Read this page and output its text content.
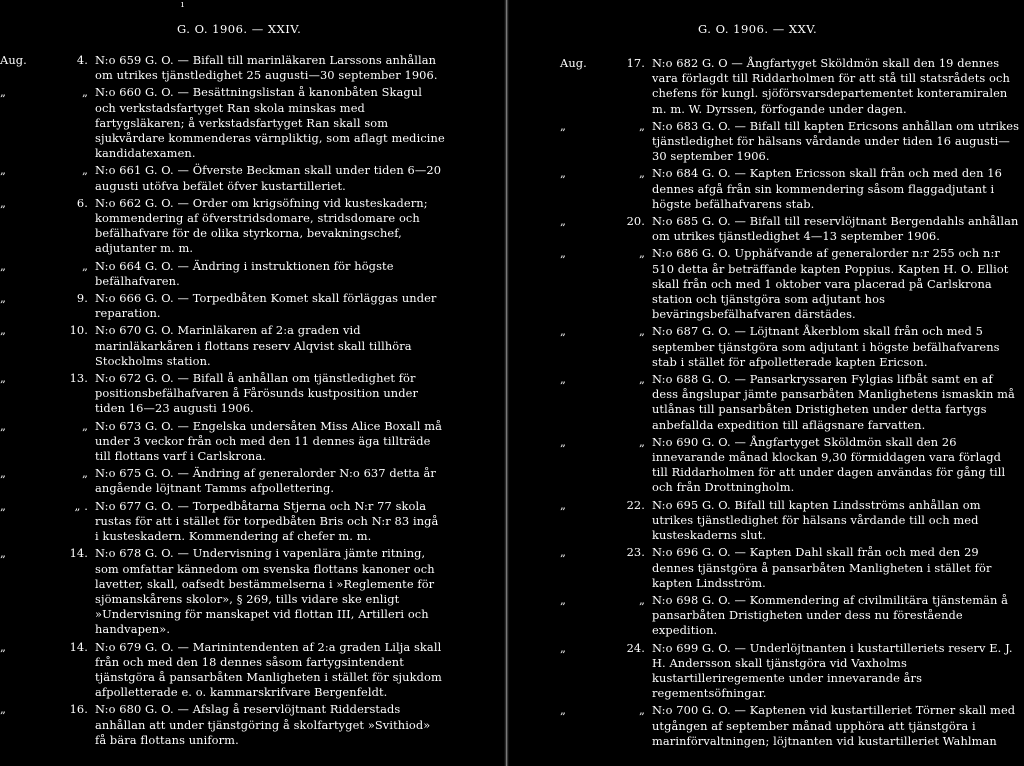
ı
G. O. 1906. — XXIV.
Aug.	4. N:o 659 G. O. — Bifall till marinläkaren Larssons anhållan om utrikes tjänstledighet 25 augusti—30 september 1906.
„	„ N:o 660 G. O. — Besättningslistan å kanonbåten Skagul och verkstadsfartyget Ran skola minskas med fartygsläkaren; å verkstadsfartyget Ran skall som sjukvårdare kommenderas värnpliktig, som aflagt medicine kandidatexamen.
„	„ N:o 661 G. O. — Öfverste Beckman skall under tiden 6—20 augusti utöfva befälet öfver kustartilleriet.
„	6. N:o 662 G. O. — Order om krigsöfning vid kusteskadern; kommendering af öfverstridsdomare, stridsdomare och befälhafvare för de olika styrkorna, bevakningschef, adjutanter m. m.
„	„ N:o 664 G. O. — Ändring i instruktionen för högste befälhafvaren.
„	9. N:o 666 G. O. — Torpedbåten Komet skall förläggas under reparation.
„	10. N:o 670 G. O. Marinläkaren af 2:a graden vid marinläkarkåren i flottans reserv Alqvist skall tillhöra Stockholms station.
„	13. N:o 672 G. O. — Bifall å anhållan om tjänstledighet för positionsbefälhafvaren å Fårösunds kustposition under tiden 16—23 augusti 1906.
„	„ N:o 673 G. O. — Engelska undersåten Miss Alice Boxall må under 3 veckor från och med den 11 dennes äga tillträde till flottans varf i Carlskrona.
„	„ N:o 675 G. O. — Ändring af generalorder N:o 637 detta år angående löjtnant Tamms afpollettering.
„	„ . N:o 677 G. O. — Torpedbåtarna Stjerna och N:r 77 skola rustas för att i stället för torpedbåten Bris och N:r 83 ingå i kusteskadern. Kommendering af chefer m. m.
„	14. N:o 678 G. O. — Undervisning i vapenlära jämte ritning, som omfattar kännedom om svenska flottans kanoner och lavetter, skall, oafsedt bestämmelserna i »Reglemente för sjömanskårens skolor», § 269, tills vidare ske enligt »Undervisning för manskapet vid flottan III, Artilleri och handvapen».
„	14. N:o 679 G. O. — Marinintendenten af 2:a graden Lilja skall från och med den 18 dennes såsom fartygsintendent tjänstgöra å pansarbåten Manligheten i stället för sjukdom afpolletterade e. o. kammarskrifvare Bergenfeldt.
„	16. N:o 680 G. O. — Afslag å reservlöjtnant Ridderstads anhållan att under tjänstgöring å skolfartyget »Svithiod» få bära flottans uniform.
G. O. 1906. — XXV.
Aug.	17. N:o 682 G. O — Ångfartyget Sköldmön skall den 19 dennes vara förlagdt till Riddarholmen för att stå till statsrådets och chefens för kungl. sjöförsvarsdepartementet konteramiralen m. m. W. Dyrssen, förfogande under dagen.
„	„ N:o 683 G. O. — Bifall till kapten Ericsons anhållan om utrikes tjänstledighet för hälsans vårdande under tiden 16 augusti—30 september 1906.
„	„ N:o 684 G. O. — Kapten Ericsson skall från och med den 16 dennes afgå från sin kommendering såsom flaggadjutant i högste befälhafvarens stab.
„	20. N:o 685 G. O. — Bifall till reservlöjtnant Bergendahls anhållan om utrikes tjänstledighet 4—13 september 1906.
„	„ N:o 686 G. O. Upphäfvande af generalorder n:r 255 och n:r 510 detta år beträffande kapten Poppius. Kapten H. O. Elliot skall från och med 1 oktober vara placerad på Carlskrona station och tjänstgöra som adjutant hos beväringsbefälhafvaren därstädes.
„	„ N:o 687 G. O. — Löjtnant Åkerblom skall från och med 5 september tjänstgöra som adjutant i högste befälhafvarens stab i stället för afpolletterade kapten Ericson.
„	„ N:o 688 G. O. — Pansarkryssaren Fylgias lifbåt samt en af dess ångslupar jämte pansarbåten Manlighetens ismaskin må utlånas till pansarbåten Dristigheten under detta fartygs anbefallda expedition till aflägsnare farvatten.
„	„ N:o 690 G. O. — Ångfartyget Sköldmön skall den 26 innevarande månad klockan 9,30 förmiddagen vara förlagd till Riddarholmen för att under dagen användas för gång till och från Drottningholm.
„	22. N:o 695 G. O. Bifall till kapten Lindsströms anhållan om utrikes tjänstledighet för hälsans vårdande till och med kusteskaderns slut.
„	23. N:o 696 G. O. — Kapten Dahl skall från och med den 29 dennes tjänstgöra å pansarbåten Manligheten i stället för kapten Lindsström.
„	„ N:o 698 G. O. — Kommendering af civilmilitära tjänstemän å pansarbåten Dristigheten under dess nu förestående expedition.
„	24. N:o 699 G. O. — Underlöjtnanten i kustartilleriets reserv E. J. H. Andersson skall tjänstgöra vid Vaxholms kustartilleriregemente under innevarande års regementsöfningar.
„	„ N:o 700 G. O. — Kaptenen vid kustartilleriet Törner skall med utgången af september månad upphöra att tjänstgöra i marinförvaltningen; löjtnanten vid kustartilleriet Wahlman
